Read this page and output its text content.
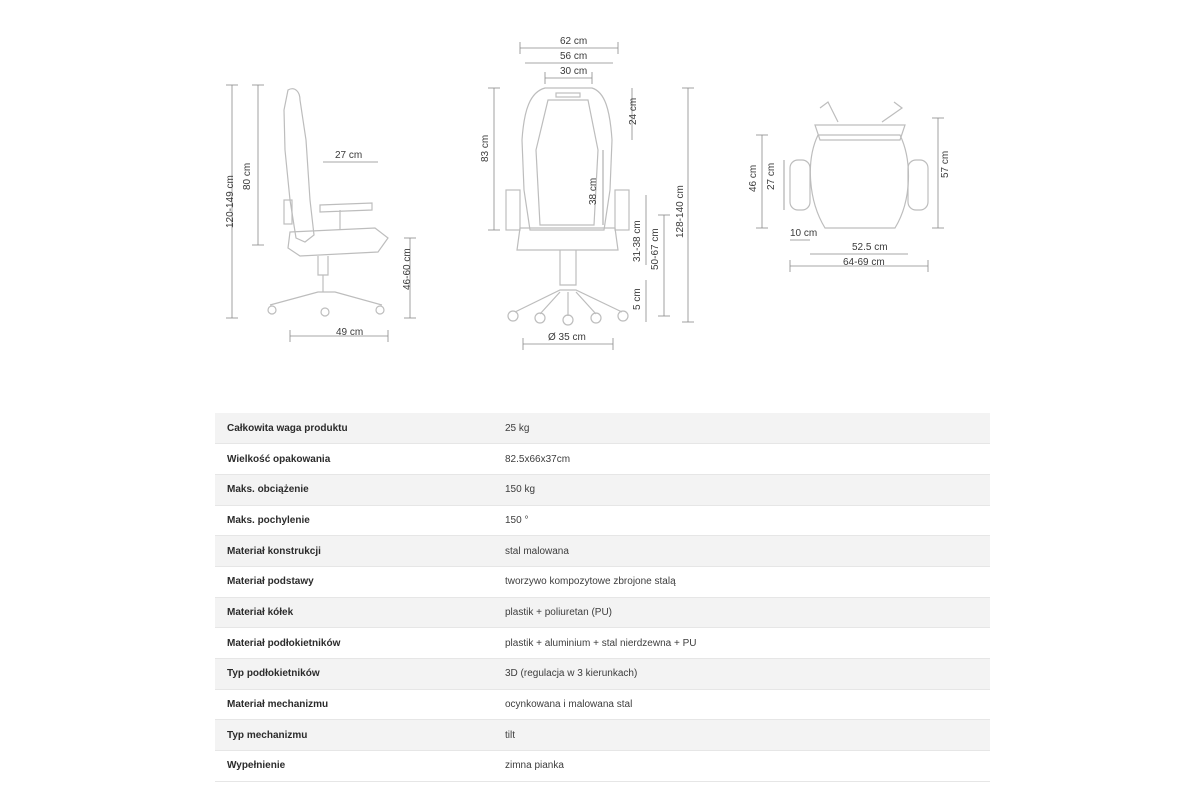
120-149 cm 80 cm
27 cm
46-60 cm
49 cm
62 cm
56 cm
30 cm
24 cm
83 cm
38 cm
31-38 cm 50-67 cm
128-140 cm
5 cm
Ø 35 cm
46 cm 27 cm	57 cm
10 cm
52.5 cm
64-69 cm
Całkowita waga produktu	25 kg
Wielkość opakowania	82.5x66x37cm
Maks. obciążenie	150 kg
Maks. pochylenie	150 °
Materiał konstrukcji	stal malowana
Materiał podstawy	tworzywo kompozytowe zbrojone stalą
Materiał kółek	plastik + poliuretan (PU)
Materiał podłokietników	plastik + aluminium + stal nierdzewna + PU
Typ podłokietników	3D (regulacja w 3 kierunkach)
Materiał mechanizmu	ocynkowana i malowana stal
Typ mechanizmu	tilt
Wypełnienie	zimna pianka
